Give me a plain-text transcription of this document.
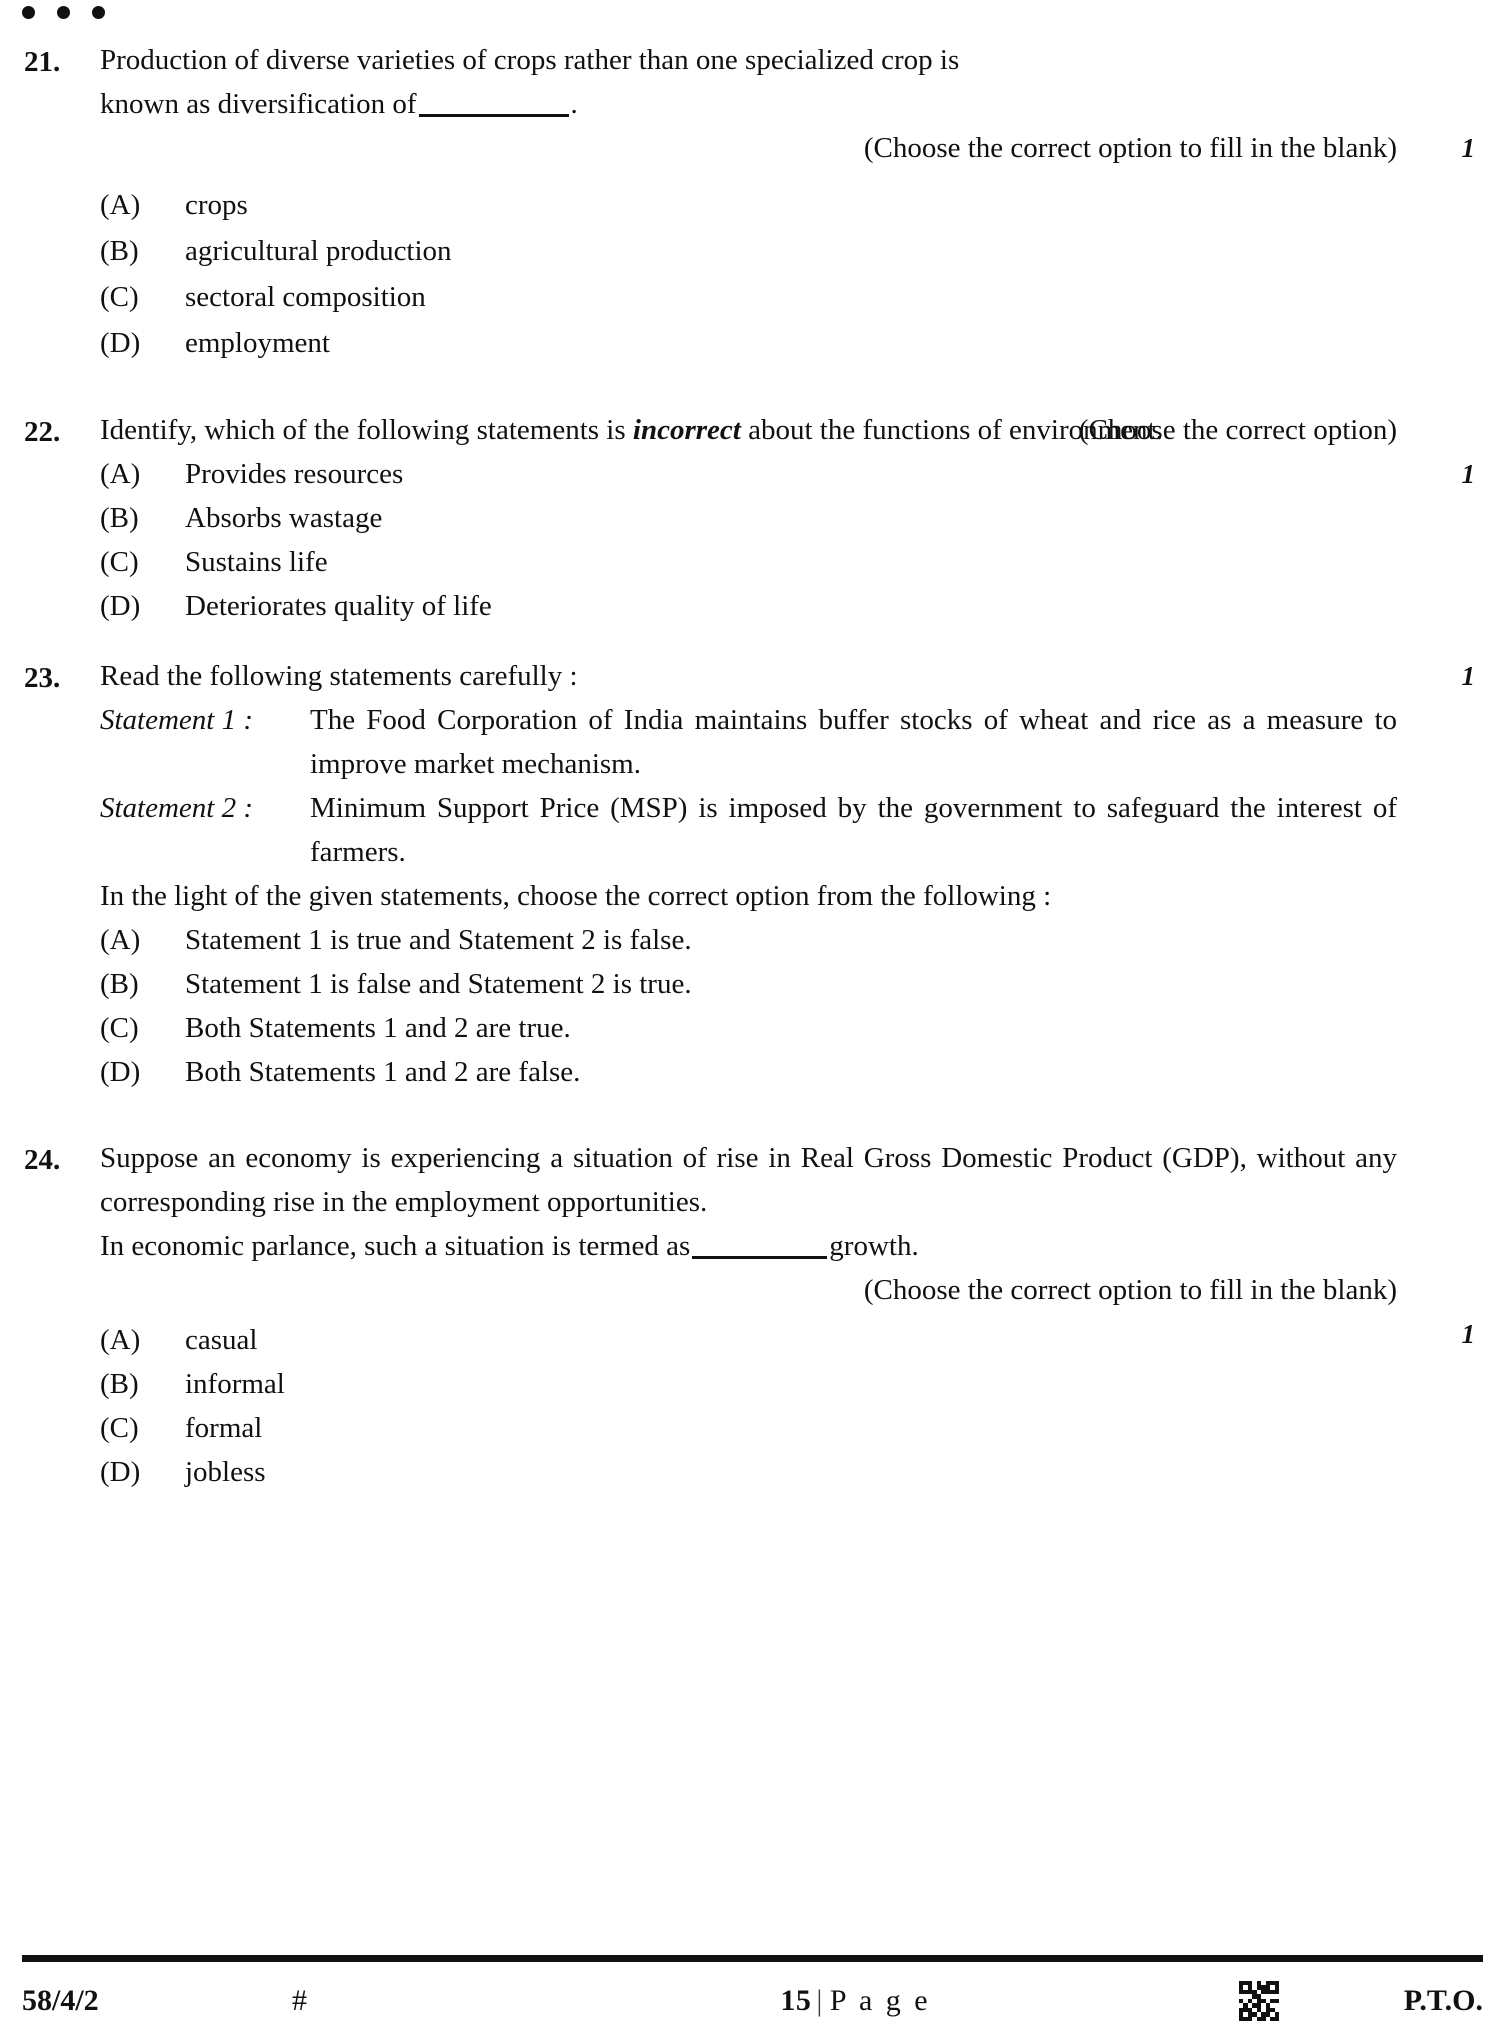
21.	Production of diverse varieties of crops rather than one specialized crop is

known as diversification of	.

(Choose the correct option to fill in the blank) 1
(A)	crops
(B)	agricultural production
(C)	sectoral composition
(D)	employment
22.	Identify, which of the following statements is incorrect about the functions of environment.

(Choose the correct option)

1
(A)	Provides resources
(B)	Absorbs wastage
(C)	Sustains life
(D)	Deteriorates quality of life
23.	Read the following statements carefully :	1
Statement 1 :	The Food Corporation of India maintains buffer stocks of wheat and rice as a measure to improve market mechanism.
Statement 2 :	Minimum Support Price (MSP) is imposed by the government to safeguard the interest of farmers.

In the light of the given statements, choose the correct option from the following :

(A)	Statement 1 is true and Statement 2 is false.
(B)	Statement 1 is false and Statement 2 is true.
(C)	Both Statements 1 and 2 are true.
(D)	Both Statements 1 and 2 are false.
24.	Suppose an economy is experiencing a situation of rise in Real Gross Domestic Product (GDP), without any corresponding rise in the employment opportunities.

In economic parlance, such a situation is termed as	growth.

(Choose the correct option to fill in the blank)

1
(A)	casual
(B)	informal
(C)	formal
(D)	jobless
58/4/2	#	15 | P a g e	P.T.O.
